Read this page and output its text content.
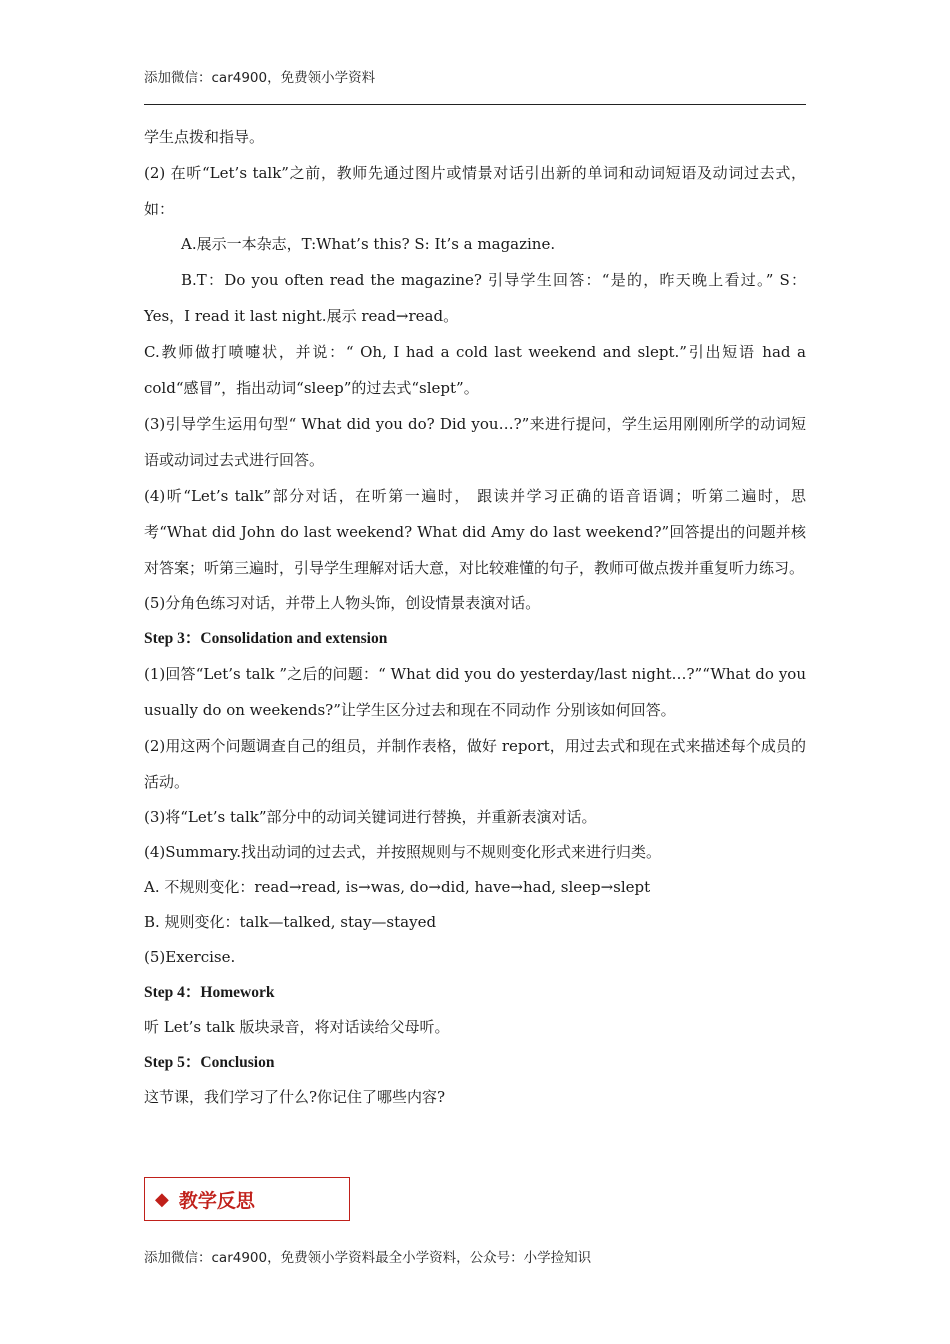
添加微信：car4900，免费领小学资料

学生点拨和指导。

(2) 在听“Let’s talk”之前，教师先通过图片或情景对话引出新的单词和动词短语及动词过去式，如：

A.展示一本杂志，T:What’s this? S: It’s a magazine.

B.T：Do you often read the magazine? 引导学生回答：“是的，昨天晚上看过。” S：Yes，I read it last night.展示 read→read。

C.教师做打喷嚏状，并说：“ Oh, I had a cold last weekend and slept.”引出短语 had a cold“感冒”，指出动词“sleep”的过去式“slept”。

(3)引导学生运用句型“ What did you do? Did you…?”来进行提问，学生运用刚刚所学的动词短语或动词过去式进行回答。

(4)听“Let’s talk”部分对话，在听第一遍时， 跟读并学习正确的语音语调；听第二遍时，思考“What did John do last weekend? What did Amy do last weekend?”回答提出的问题并核对答案；听第三遍时，引导学生理解对话大意，对比较难懂的句子，教师可做点拨并重复听力练习。

(5)分角色练习对话，并带上人物头饰，创设情景表演对话。

Step 3：Consolidation and extension

(1)回答“Let’s talk ”之后的问题：“ What did you do yesterday/last night…?”“What do you usually do on weekends?”让学生区分过去和现在不同动作 分别该如何回答。

(2)用这两个问题调查自己的组员，并制作表格，做好 report，用过去式和现在式来描述每个成员的活动。

(3)将“Let’s talk”部分中的动词关键词进行替换，并重新表演对话。

(4)Summary.找出动词的过去式，并按照规则与不规则变化形式来进行归类。

A. 不规则变化：read→read, is→was, do→did, have→had, sleep→slept

B. 规则变化：talk—talked, stay—stayed

(5)Exercise.

Step 4：Homework

听 Let’s talk 版块录音，将对话读给父母听。

Step 5：Conclusion

这节课，我们学习了什么?你记住了哪些内容?

◆ 教学反思
添加微信：car4900，免费领小学资料最全小学资料，公众号：小学捡知识
